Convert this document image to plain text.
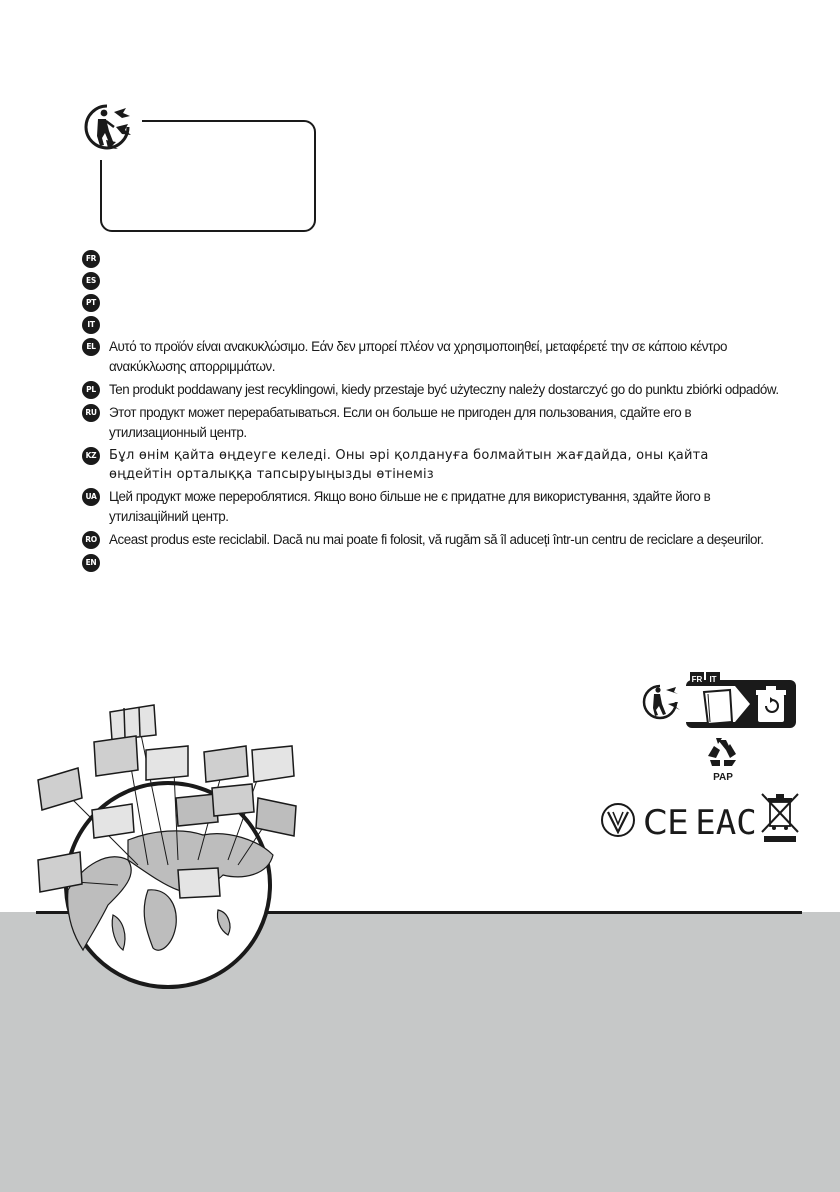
FR
ES
PT
IT
EL Αυτό το προϊόν είναι ανακυκλώσιμο. Εάν δεν μπορεί πλέον να χρησιμοποιηθεί, μεταφέρετέ την σε κάποιο κέντρο
ανακύκλωσης απορριμμάτων.
PL Ten produkt poddawany jest recyklingowi, kiedy przestaje być użyteczny należy dostarczyć go do punktu zbiórki odpadów.
RU Этот продукт может перерабатываться. Если он больше не пригоден для пользования, сдайте его в
утилизационный центр.
KZ Бұл өнім қайта өңдеуге келеді. Оны әрі қолдануға болмайтын жағдайда, оны қайта
өңдейтін орталыққа тапсыруыңызды өтінеміз
UA Цей продукт може перероблятися. Якщо воно більше не є придатне для використування, здайте його в
утилізаційний центр.
RO Aceast produs este reciclabil. Dacă nu mai poate fi folosit, vă rugăm să îl aduceți într-un centru de reciclare a deșeurilor.
EN
FR IT
PAP
CE EAC
